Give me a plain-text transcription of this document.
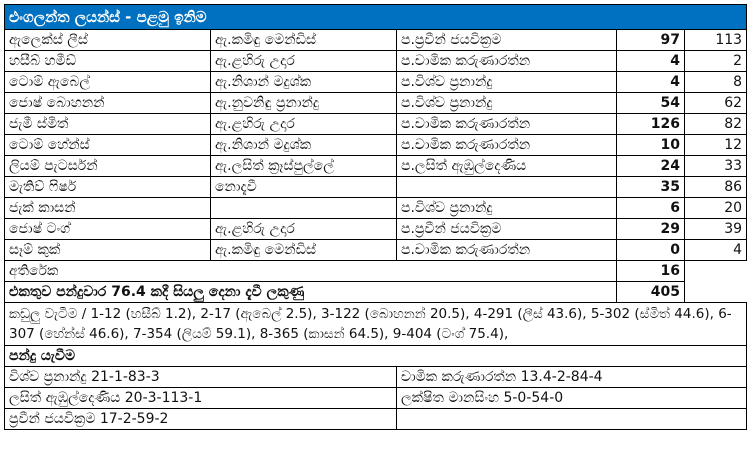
එංගලන්ත ලයන්ස් - පළමු ඉනිම				
ඇලෙක්ස් ලීස්	ඇ.කමිඳු මෙන්ඩිස්	ප.ප්‍රවීන් ජයවික්‍රම	97	113
හසීබ් හමීඩ්	ඇ.ළහිරු උදාර	ප.චාමික කරුණාරත්න	4	2
ටොම් ඇබෙල්	ඇ.නිශාන් මදුශ්ක	ප.විශ්ව ප්‍රනාන්දු	4	8
ජොෂ් බොහනන්	ඇ.නුවනිඳු ප්‍රනාන්දු	ප.විශ්ව ප්‍රනාන්දු	54	62
ජැමී ස්මිත්	ඇ.ළහිරු උදාර	ප.චාමික කරුණාරත්න	126	82
ටොම් හේන්ස්	ඇ.නිශාන් මදුශ්ක	ප.චාමික කරුණාරත්න	10	12
ලියම් පැටර්සන්	ඇ.ලසිත් ක්‍රෑස්පුල්ලේ	ප.ලසිත් ඇඹුල්දෙණිය	24	33
මැතිව් ෆිෂර්	නොදැවී		35	86
ජැක් කාසන්		ප.විශ්ව ප්‍රනාන්දු	6	20
ජොෂ් ටංග්	ඇ.ළහිරු උදාර	ප.ප්‍රවීන් ජයවික්‍රම	29	39
සෑම් කුක්	ඇ.කමිඳු මෙන්ඩිස්	ප.චාමික කරුණාරත්න	0	4
අතිරේක			16	
එකතුව පන්දුවාර 76.4 කදී සියලු දෙනා දැවී ලකුණු			405	
කඩුලු වැටීම / 1-12 (හසීබ් 1.2), 2-17 (ඇබෙල් 2.5), 3-122 (බොහනන් 20.5), 4-291 (ලීස් 43.6), 5-302 (ස්මිත් 44.6), 6-307 (හේන්ස් 46.6), 7-354 (ලියම් 59.1), 8-365 (කාසන් 64.5), 9-404 (ටංග් 75.4),				
පන්දු යැවීම				
විශ්ව ප්‍රනාන්දු 21-1-83-3		චාමික කරුණාරත්න 13.4-2-84-4		
ලසිත් ඇඹුල්දෙණිය 20-3-113-1		ලක්ෂිත මානසිංහ 5-0-54-0		
ප්‍රවීන් ජයවික්‍රම 17-2-59-2				
